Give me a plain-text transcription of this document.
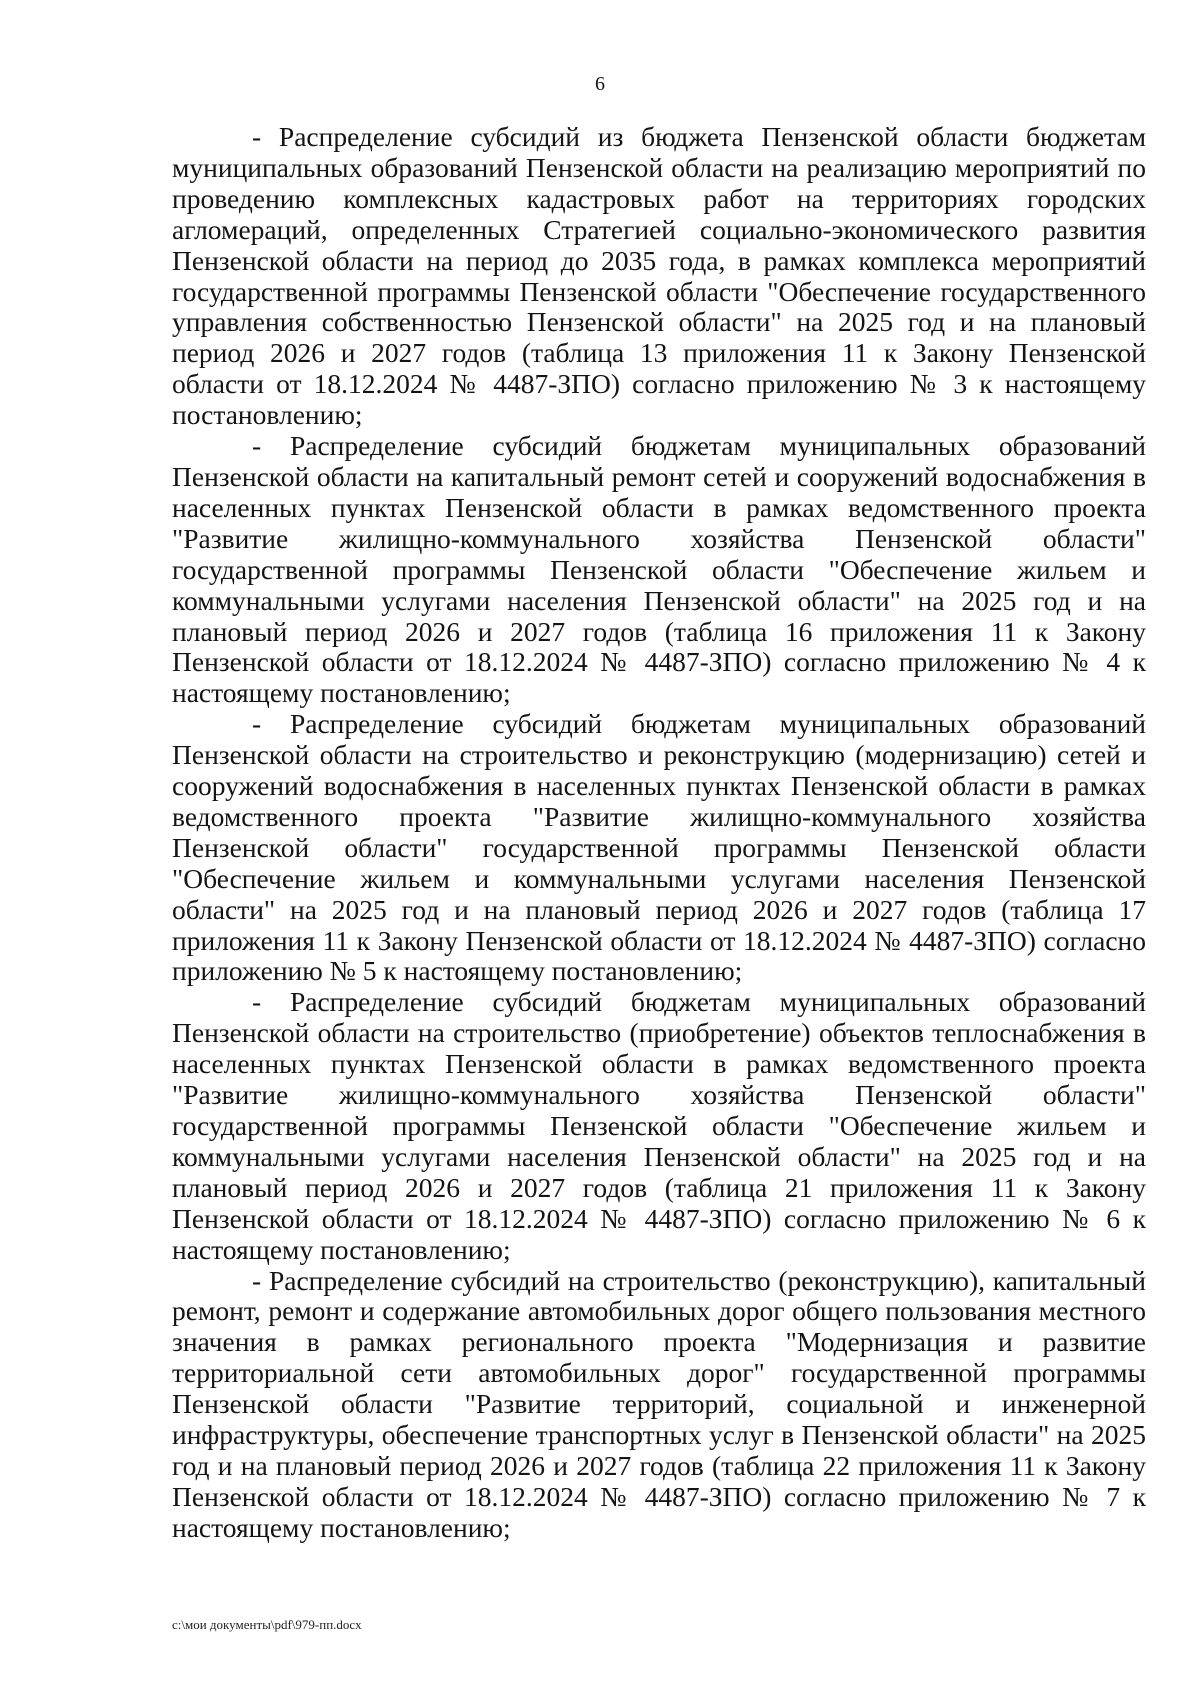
6

- Распределение субсидий из бюджета Пензенской области бюджетам муниципальных образований Пензенской области на реализацию мероприятий по проведению комплексных кадастровых работ на территориях городских агломераций, определенных Стратегией социально-экономического развития Пензенской области на период до 2035 года, в рамках комплекса мероприятий государственной программы Пензенской области "Обеспечение государственного управления собственностью Пензенской области" на 2025 год и на плановый период 2026 и 2027 годов (таблица 13 приложения 11 к Закону Пензенской области от 18.12.2024 № 4487-ЗПО) согласно приложению № 3 к настоящему постановлению;

- Распределение субсидий бюджетам муниципальных образований Пензенской области на капитальный ремонт сетей и сооружений водоснабжения в населенных пунктах Пензенской области в рамках ведомственного проекта "Развитие жилищно-коммунального хозяйства Пензенской области" государственной программы Пензенской области "Обеспечение жильем и коммунальными услугами населения Пензенской области" на 2025 год и на плановый период 2026 и 2027 годов (таблица 16 приложения 11 к Закону Пензенской области от 18.12.2024 № 4487-ЗПО) согласно приложению № 4 к настоящему постановлению;

- Распределение субсидий бюджетам муниципальных образований Пензенской области на строительство и реконструкцию (модернизацию) сетей и сооружений водоснабжения в населенных пунктах Пензенской области в рамках ведомственного проекта "Развитие жилищно-коммунального хозяйства Пензенской области" государственной программы Пензенской области "Обеспечение жильем и коммунальными услугами населения Пензенской области" на 2025 год и на плановый период 2026 и 2027 годов (таблица 17 приложения 11 к Закону Пензенской области от 18.12.2024 № 4487-ЗПО) согласно приложению № 5 к настоящему постановлению;

- Распределение субсидий бюджетам муниципальных образований Пензенской области на строительство (приобретение) объектов теплоснабжения в населенных пунктах Пензенской области в рамках ведомственного проекта "Развитие жилищно-коммунального хозяйства Пензенской области" государственной программы Пензенской области "Обеспечение жильем и коммунальными услугами населения Пензенской области" на 2025 год и на плановый период 2026 и 2027 годов (таблица 21 приложения 11 к Закону Пензенской области от 18.12.2024 № 4487-ЗПО) согласно приложению № 6 к настоящему постановлению;

- Распределение субсидий на строительство (реконструкцию), капитальный ремонт, ремонт и содержание автомобильных дорог общего пользования местного значения в рамках регионального проекта "Модернизация и развитие территориальной сети автомобильных дорог" государственной программы Пензенской области "Развитие территорий, социальной и инженерной инфраструктуры, обеспечение транспортных услуг в Пензенской области" на 2025 год и на плановый период 2026 и 2027 годов (таблица 22 приложения 11 к Закону Пензенской области от 18.12.2024 № 4487-ЗПО) согласно приложению № 7 к настоящему постановлению;

c:\мои документы\pdf\979-пп.docx
